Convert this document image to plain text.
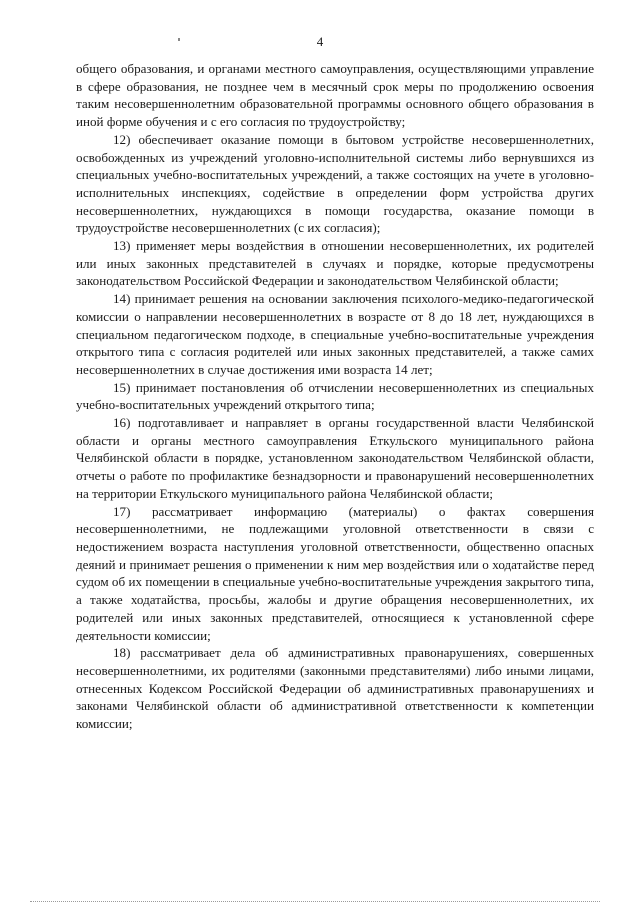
4

общего образования, и органами местного самоуправления, осуществляющими управление в сфере образования, не позднее чем в месячный срок меры по продолжению освоения таким несовершеннолетним образовательной программы основного общего образования в иной форме обучения и с его согласия по трудоустройству;

12) обеспечивает оказание помощи в бытовом устройстве несовершеннолетних, освобожденных из учреждений уголовно-исполнительной системы либо вернувшихся из специальных учебно-воспитательных учреждений, а также состоящих на учете в уголовно-исполнительных инспекциях, содействие в определении форм устройства других несовершеннолетних, нуждающихся в помощи государства, оказание помощи в трудоустройстве несовершеннолетних (с их согласия);

13) применяет меры воздействия в отношении несовершеннолетних, их родителей или иных законных представителей в случаях и порядке, которые предусмотрены законодательством Российской Федерации и законодательством Челябинской области;

14) принимает решения на основании заключения психолого-медико-педагогической комиссии о направлении несовершеннолетних в возрасте от 8 до 18 лет, нуждающихся в специальном педагогическом подходе, в специальные учебно-воспитательные учреждения открытого типа с согласия родителей или иных законных представителей, а также самих несовершеннолетних в случае достижения ими возраста 14 лет;

15) принимает постановления об отчислении несовершеннолетних из специальных учебно-воспитательных учреждений открытого типа;

16) подготавливает и направляет в органы государственной власти Челябинской области и органы местного самоуправления Еткульского муниципального района Челябинской области в порядке, установленном законодательством Челябинской области, отчеты о работе по профилактике безнадзорности и правонарушений несовершеннолетних на территории Еткульского муниципального района Челябинской области;

17) рассматривает информацию (материалы) о фактах совершения несовершеннолетними, не подлежащими уголовной ответственности в связи с недостижением возраста наступления уголовной ответственности, общественно опасных деяний и принимает решения о применении к ним мер воздействия или о ходатайстве перед судом об их помещении в специальные учебно-воспитательные учреждения закрытого типа, а также ходатайства, просьбы, жалобы и другие обращения несовершеннолетних, их родителей или иных законных представителей, относящиеся к установленной сфере деятельности комиссии;

18) рассматривает дела об административных правонарушениях, совершенных несовершеннолетними, их родителями (законными представителями) либо иными лицами, отнесенных Кодексом Российской Федерации об административных правонарушениях и законами Челябинской области об административной ответственности к компетенции комиссии;
